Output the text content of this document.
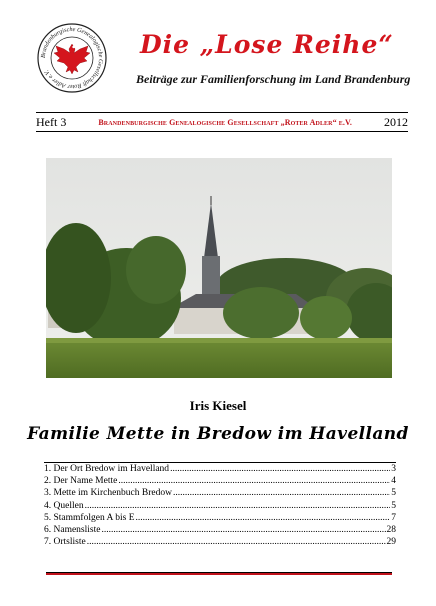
Brandenburgische Genealogische Gesellschaft Roter Adler e.V.
Die „Lose Reihe“
Beiträge zur Familienforschung im Land Brandenburg
Heft 3	Brandenburgische Genealogische Gesellschaft „Roter Adler“ e.V.	2012
Iris Kiesel
Familie Mette in Bredow im Havelland
1. Der Ort Bredow im Havelland .....	3
2. Der Name Mette .....	4
3. Mette im Kirchenbuch Bredow .....	5
4. Quellen .....	5
5. Stammfolgen A bis E .....	7
6. Namensliste .....	28
7. Ortsliste .....	29
